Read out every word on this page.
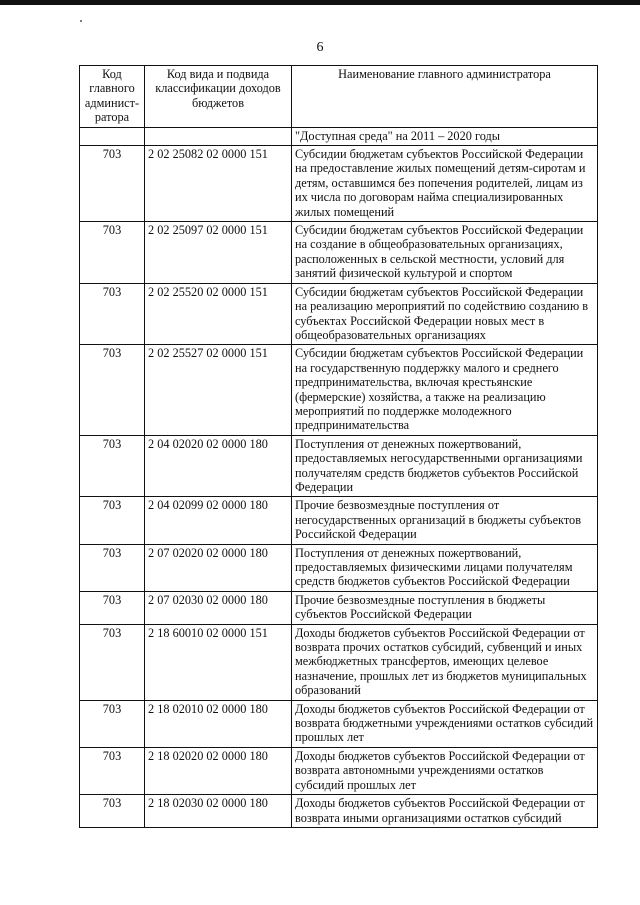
6
Код главного админист-ратора	Код вида и подвида классификации доходов бюджетов	Наименование главного администратора
		"Доступная среда" на 2011 – 2020 годы
703	2 02 25082 02 0000 151	Субсидии бюджетам субъектов Российской Федерации на предоставление жилых помещений детям-сиротам и детям, оставшимся без попечения родителей, лицам из их числа по договорам найма специализированных жилых помещений
703	2 02 25097 02 0000 151	Субсидии бюджетам субъектов Российской Федерации на создание в общеобразовательных организациях, расположенных в сельской местности, условий для занятий физической культурой и спортом
703	2 02 25520 02 0000 151	Субсидии бюджетам субъектов Российской Федерации на реализацию мероприятий по содействию созданию в субъектах Российской Федерации новых мест в общеобразовательных организациях
703	2 02 25527 02 0000 151	Субсидии бюджетам субъектов Российской Федерации на государственную поддержку малого и среднего предпринимательства, включая крестьянские (фермерские) хозяйства, а также на реализацию мероприятий по поддержке молодежного предпринимательства
703	2 04 02020 02 0000 180	Поступления от денежных пожертвований, предоставляемых негосударственными организациями получателям средств бюджетов субъектов Российской Федерации
703	2 04 02099 02 0000 180	Прочие безвозмездные поступления от негосударственных организаций в бюджеты субъектов Российской Федерации
703	2 07 02020 02 0000 180	Поступления от денежных пожертвований, предоставляемых физическими лицами получателям средств бюджетов субъектов Российской Федерации
703	2 07 02030 02 0000 180	Прочие безвозмездные поступления в бюджеты субъектов Российской Федерации
703	2 18 60010 02 0000 151	Доходы бюджетов субъектов Российской Федерации от возврата прочих остатков субсидий, субвенций и иных межбюджетных трансфертов, имеющих целевое назначение, прошлых лет из бюджетов муниципальных образований
703	2 18 02010 02 0000 180	Доходы бюджетов субъектов Российской Федерации от возврата бюджетными учреждениями остатков субсидий прошлых лет
703	2 18 02020 02 0000 180	Доходы бюджетов субъектов Российской Федерации от возврата автономными учреждениями остатков субсидий прошлых лет
703	2 18 02030 02 0000 180	Доходы бюджетов субъектов Российской Федерации от возврата иными организациями остатков субсидий
